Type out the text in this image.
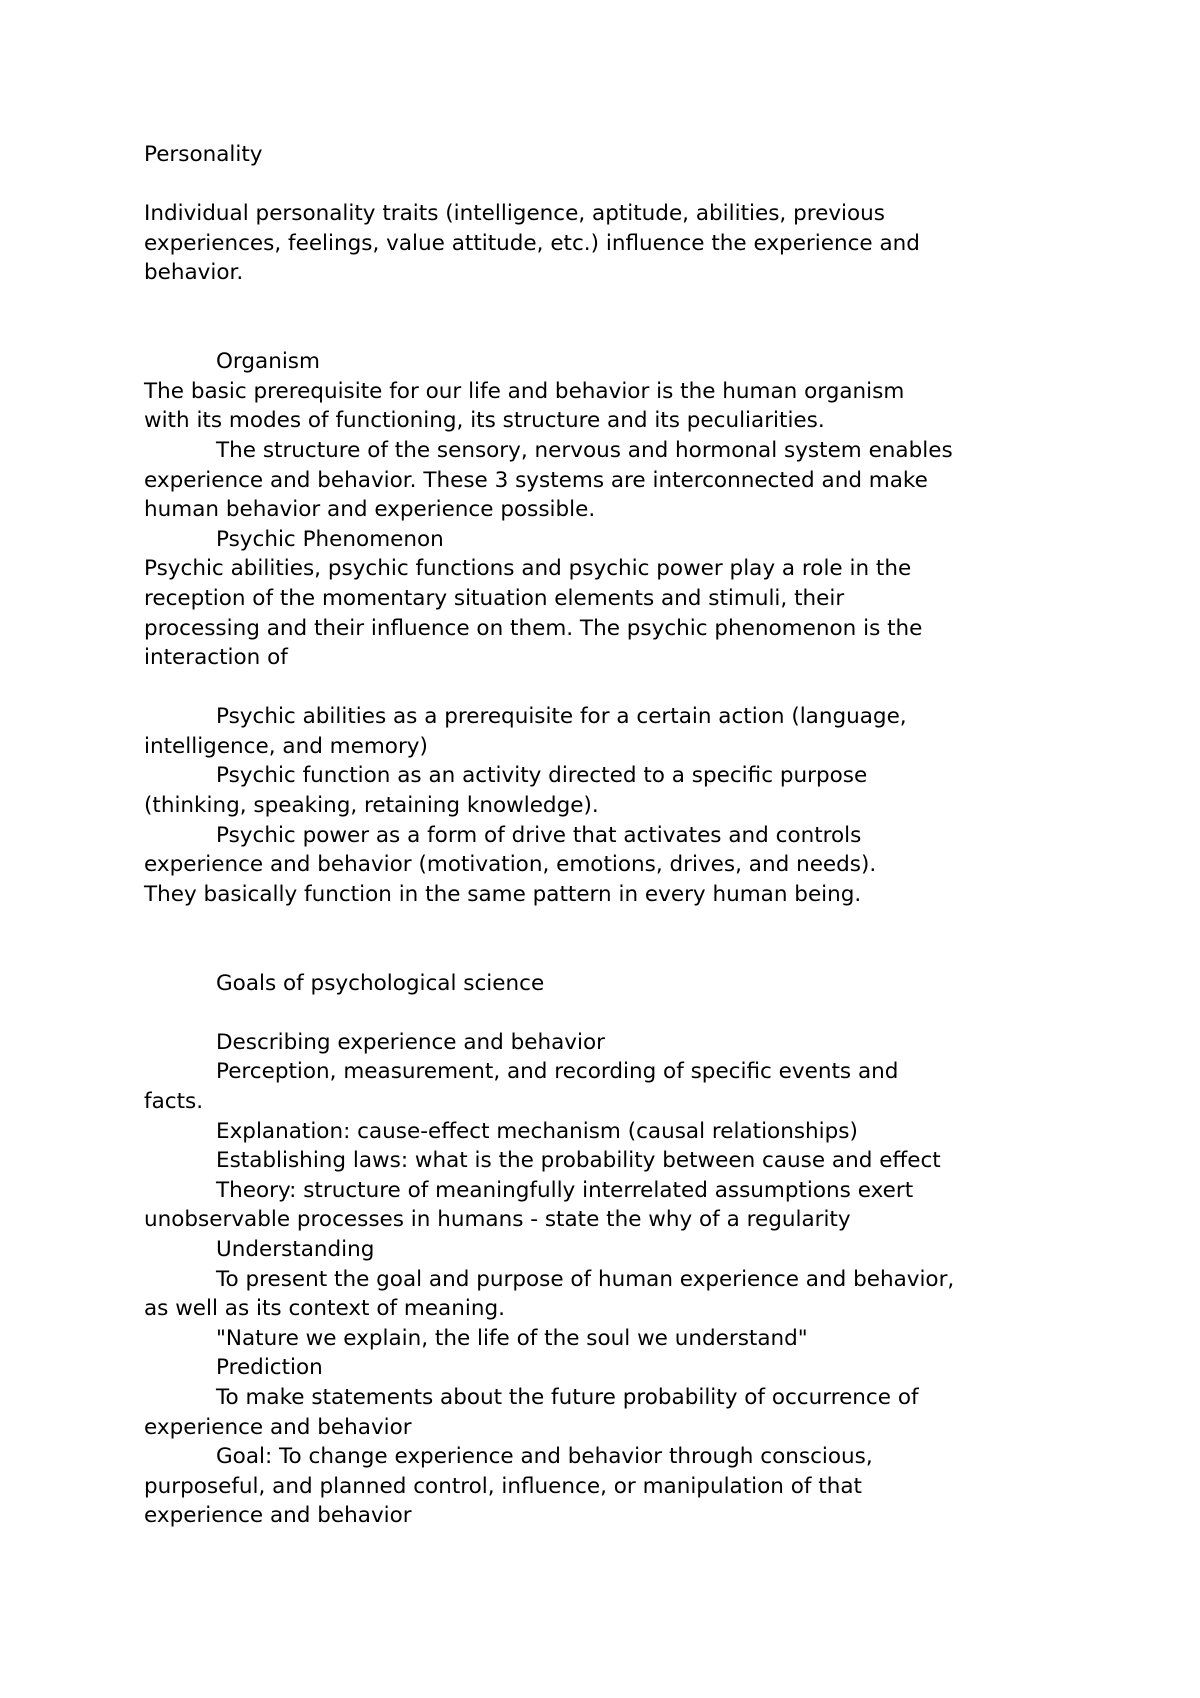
Personality
Individual personality traits (intelligence, aptitude, abilities, previous
experiences, feelings, value attitude, etc.) influence the experience and
behavior.
Organism
The basic prerequisite for our life and behavior is the human organism
with its modes of functioning, its structure and its peculiarities.
The structure of the sensory, nervous and hormonal system enables
experience and behavior. These 3 systems are interconnected and make
human behavior and experience possible.
Psychic Phenomenon
Psychic abilities, psychic functions and psychic power play a role in the
reception of the momentary situation elements and stimuli, their
processing and their influence on them. The psychic phenomenon is the
interaction of
Psychic abilities as a prerequisite for a certain action (language,
intelligence, and memory)
Psychic function as an activity directed to a specific purpose
(thinking, speaking, retaining knowledge).
Psychic power as a form of drive that activates and controls
experience and behavior (motivation, emotions, drives, and needs).
They basically function in the same pattern in every human being.
Goals of psychological science
Describing experience and behavior
Perception, measurement, and recording of specific events and
facts.
Explanation: cause-effect mechanism (causal relationships)
Establishing laws: what is the probability between cause and effect
Theory: structure of meaningfully interrelated assumptions exert
unobservable processes in humans - state the why of a regularity
Understanding
To present the goal and purpose of human experience and behavior,
as well as its context of meaning.
"Nature we explain, the life of the soul we understand"
Prediction
To make statements about the future probability of occurrence of
experience and behavior
Goal: To change experience and behavior through conscious,
purposeful, and planned control, influence, or manipulation of that
experience and behavior
